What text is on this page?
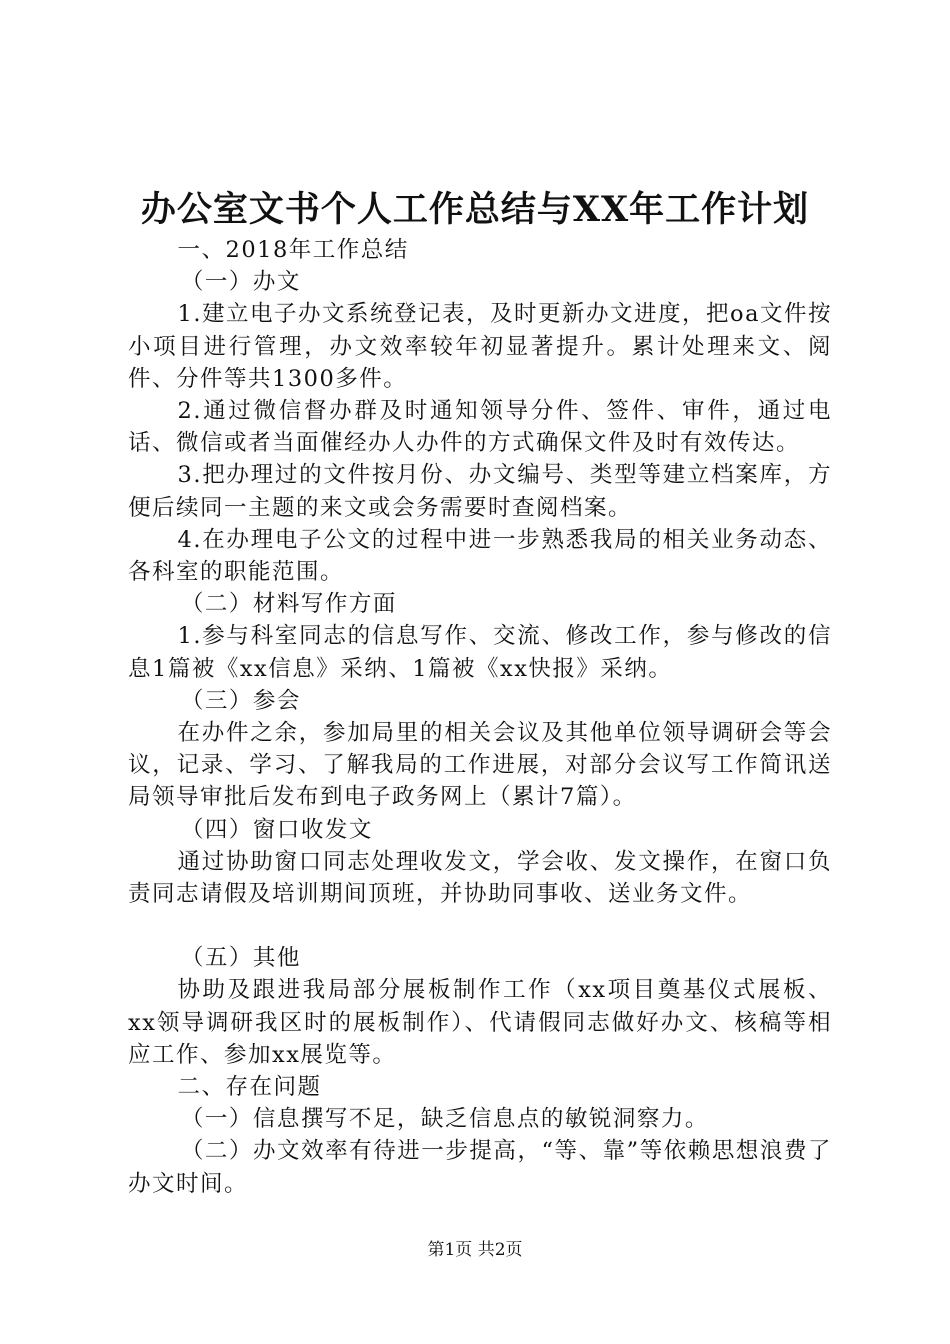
办公室文书个人工作总结与XX年工作计划

一、2018年工作总结

（一）办文

1.建立电子办文系统登记表，及时更新办文进度，把oa文件按小项目进行管理，办文效率较年初显著提升。累计处理来文、阅件、分件等共1300多件。

2.通过微信督办群及时通知领导分件、签件、审件，通过电话、微信或者当面催经办人办件的方式确保文件及时有效传达。

3.把办理过的文件按月份、办文编号、类型等建立档案库，方便后续同一主题的来文或会务需要时查阅档案。

4.在办理电子公文的过程中进一步熟悉我局的相关业务动态、各科室的职能范围。

（二）材料写作方面

1.参与科室同志的信息写作、交流、修改工作，参与修改的信息1篇被《xx信息》采纳、1篇被《xx快报》采纳。

（三）参会

在办件之余，参加局里的相关会议及其他单位领导调研会等会议，记录、学习、了解我局的工作进展，对部分会议写工作简讯送局领导审批后发布到电子政务网上（累计7篇）。

（四）窗口收发文

通过协助窗口同志处理收发文，学会收、发文操作，在窗口负责同志请假及培训期间顶班，并协助同事收、送业务文件。

（五）其他

协助及跟进我局部分展板制作工作（xx项目奠基仪式展板、xx领导调研我区时的展板制作）、代请假同志做好办文、核稿等相应工作、参加xx展览等。

二、存在问题

（一）信息撰写不足，缺乏信息点的敏锐洞察力。

（二）办文效率有待进一步提高，“等、靠”等依赖思想浪费了办文时间。

第1页 共2页
